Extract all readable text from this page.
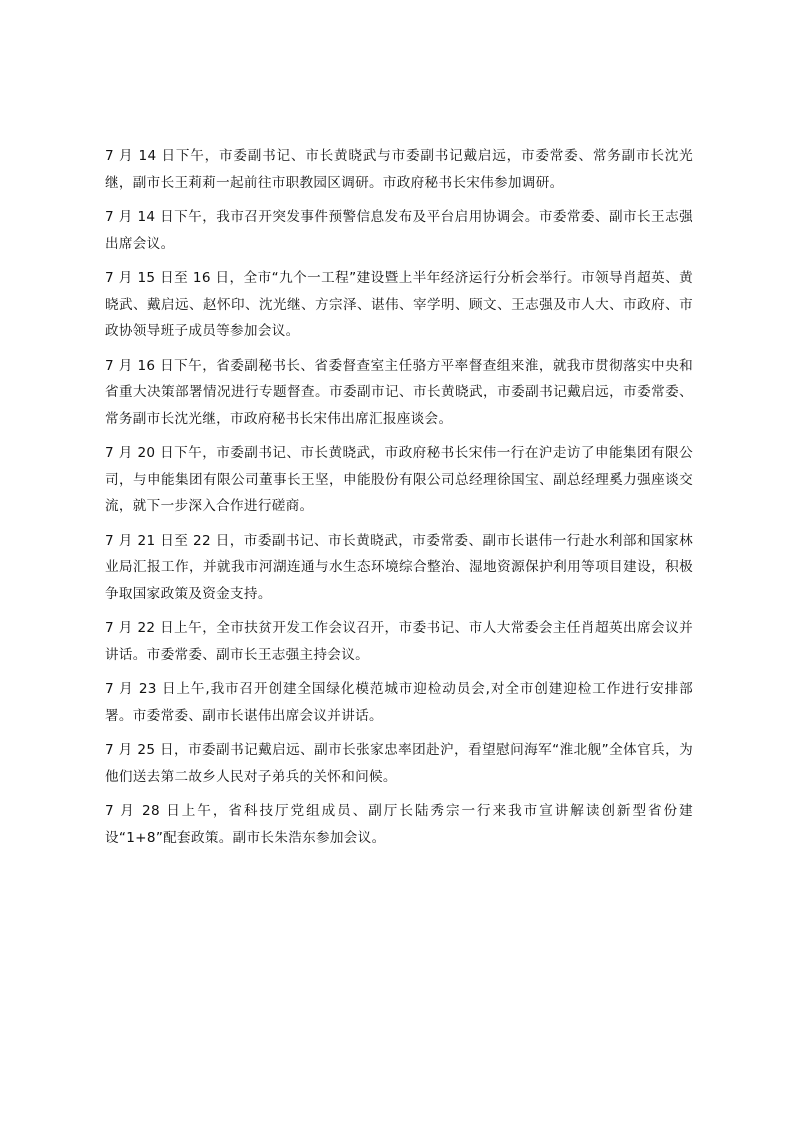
7 月 14 日下午，市委副书记、市长黄晓武与市委副书记戴启远，市委常委、常务副市长沈光继，副市长王莉莉一起前往市职教园区调研。市政府秘书长宋伟参加调研。

7 月 14 日下午，我市召开突发事件预警信息发布及平台启用协调会。市委常委、副市长王志强出席会议。

7 月 15 日至 16 日，全市“九个一工程”建设暨上半年经济运行分析会举行。市领导肖超英、黄晓武、戴启远、赵怀印、沈光继、方宗泽、谌伟、宰学明、顾文、王志强及市人大、市政府、市政协领导班子成员等参加会议。

7 月 16 日下午，省委副秘书长、省委督查室主任骆方平率督查组来淮，就我市贯彻落实中央和省重大决策部署情况进行专题督查。市委副市记、市长黄晓武，市委副书记戴启远，市委常委、常务副市长沈光继，市政府秘书长宋伟出席汇报座谈会。

7 月 20 日下午，市委副书记、市长黄晓武，市政府秘书长宋伟一行在沪走访了申能集团有限公司，与申能集团有限公司董事长王坚，申能股份有限公司总经理徐国宝、副总经理奚力强座谈交流，就下一步深入合作进行磋商。

7 月 21 日至 22 日，市委副书记、市长黄晓武，市委常委、副市长谌伟一行赴水利部和国家林业局汇报工作，并就我市河湖连通与水生态环境综合整治、湿地资源保护利用等项目建设，积极争取国家政策及资金支持。

7 月 22 日上午，全市扶贫开发工作会议召开，市委书记、市人大常委会主任肖超英出席会议并讲话。市委常委、副市长王志强主持会议。

7 月 23 日上午,我市召开创建全国绿化模范城市迎检动员会,对全市创建迎检工作进行安排部署。市委常委、副市长谌伟出席会议并讲话。

7 月 25 日，市委副书记戴启远、副市长张家忠率团赴沪，看望慰问海军“淮北舰”全体官兵，为他们送去第二故乡人民对子弟兵的关怀和问候。

7 月 28 日上午，省科技厅党组成员、副厅长陆秀宗一行来我市宣讲解读创新型省份建设“1+8”配套政策。副市长朱浩东参加会议。
